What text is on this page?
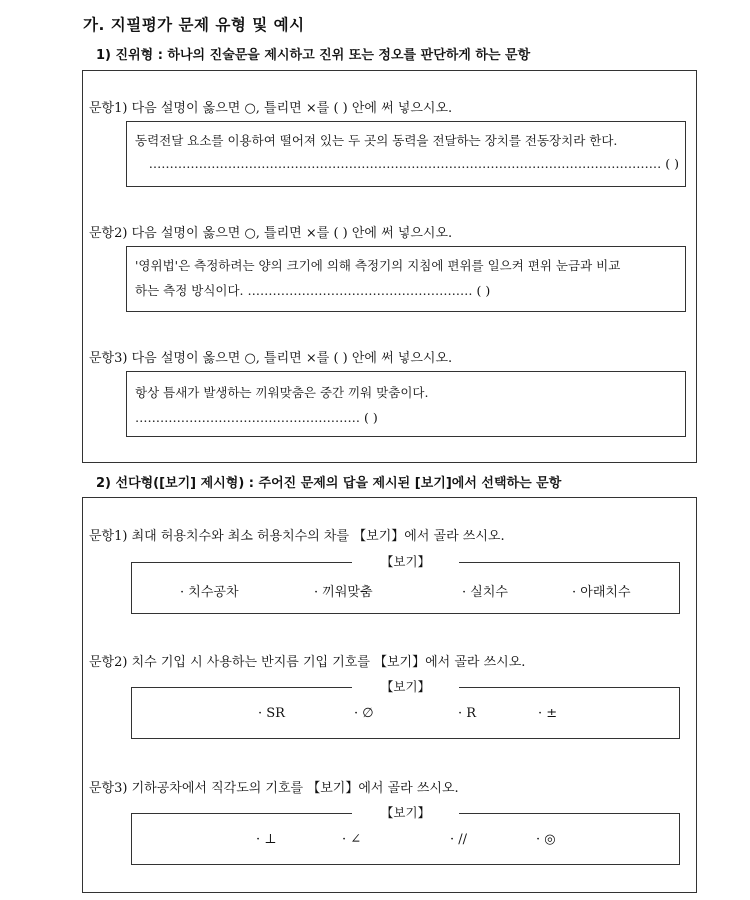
가. 지필평가 문제 유형 및 예시
1) 진위형 : 하나의 진술문을 제시하고 진위 또는 정오를 판단하게 하는 문항
문항1) 다음 설명이 옳으면 ○, 틀리면 ×를 ( ) 안에 써 넣으시오.
동력전달 요소를 이용하여 떨어져 있는 두 곳의 동력을 전달하는 장치를 전동장치라 한다.
…………………………………………………………………………………………………………… ( )
문항2) 다음 설명이 옳으면 ○, 틀리면 ×를 ( ) 안에 써 넣으시오.
'영위법'은 측정하려는 양의 크기에 의해 측정기의 지침에 편위를 일으켜 편위 눈금과 비교
하는 측정 방식이다. ……………………………………………… ( )
문항3) 다음 설명이 옳으면 ○, 틀리면 ×를 ( ) 안에 써 넣으시오.
항상 틈새가 발생하는 끼워맞춤은 중간 끼워 맞춤이다.
……………………………………………… ( )
2) 선다형([보기] 제시형) : 주어진 문제의 답을 제시된 [보기]에서 선택하는 문항
문항1) 최대 허용치수와 최소 허용치수의 차를 【보기】에서 골라 쓰시오.
【보기】
· 치수공차	· 끼워맞춤	· 실치수	· 아래치수
문항2) 치수 기입 시 사용하는 반지름 기입 기호를 【보기】에서 골라 쓰시오.
【보기】
· SR	· ∅	· R	· ±
문항3) 기하공차에서 직각도의 기호를 【보기】에서 골라 쓰시오.
【보기】
· ⊥	· ∠	· //	· ◎
